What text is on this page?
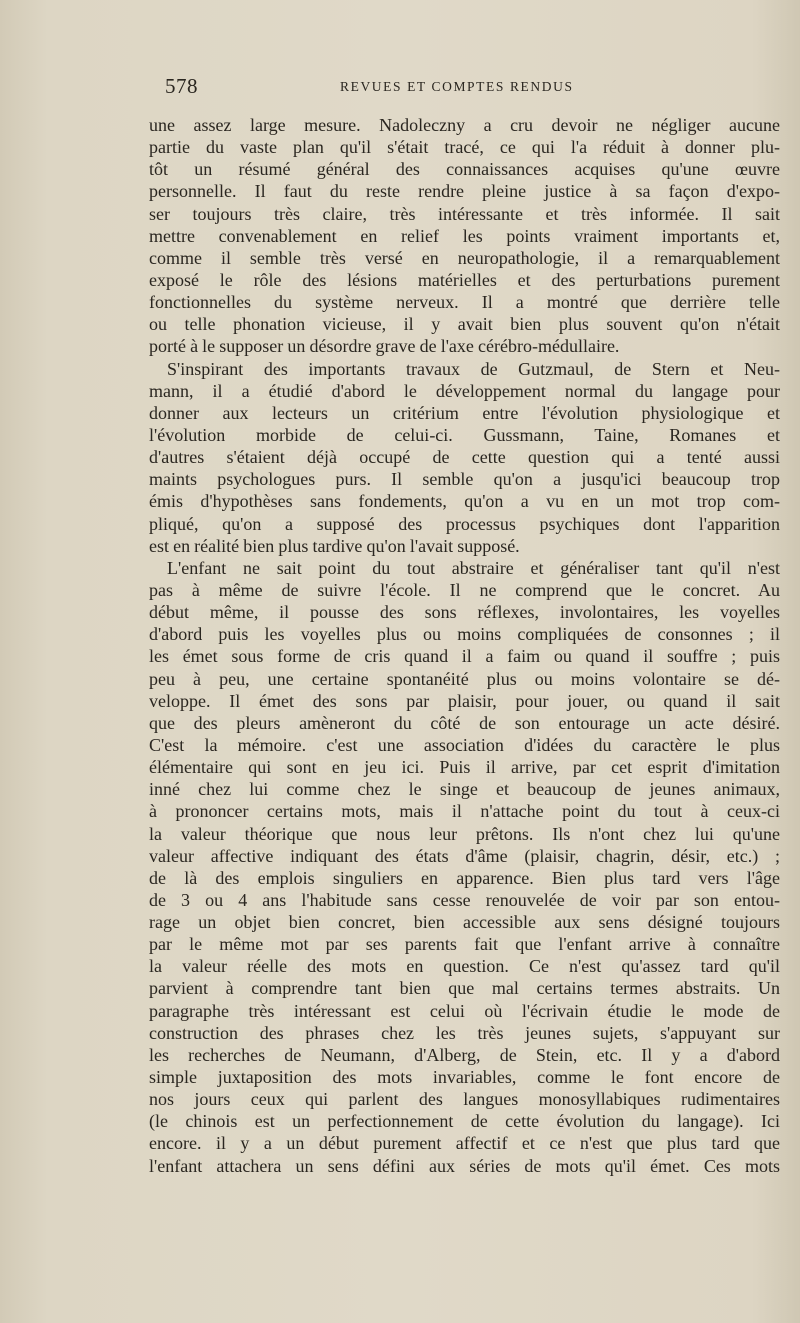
578	REVUES ET COMPTES RENDUS
une assez large mesure. Nadoleczny a cru devoir ne négliger aucune
partie du vaste plan qu'il s'était tracé, ce qui l'a réduit à donner plu-
tôt un résumé général des connaissances acquises qu'une œuvre
personnelle. Il faut du reste rendre pleine justice à sa façon d'expo-
ser toujours très claire, très intéressante et très informée. Il sait
mettre convenablement en relief les points vraiment importants et,
comme il semble très versé en neuropathologie, il a remarquablement
exposé le rôle des lésions matérielles et des perturbations purement
fonctionnelles du système nerveux. Il a montré que derrière telle
ou telle phonation vicieuse, il y avait bien plus souvent qu'on n'était
porté à le supposer un désordre grave de l'axe cérébro-médullaire.
S'inspirant des importants travaux de Gutzmaul, de Stern et Neu-
mann, il a étudié d'abord le développement normal du langage pour
donner aux lecteurs un critérium entre l'évolution physiologique et
l'évolution morbide de celui-ci. Gussmann, Taine, Romanes et
d'autres s'étaient déjà occupé de cette question qui a tenté aussi
maints psychologues purs. Il semble qu'on a jusqu'ici beaucoup trop
émis d'hypothèses sans fondements, qu'on a vu en un mot trop com-
pliqué, qu'on a supposé des processus psychiques dont l'apparition
est en réalité bien plus tardive qu'on l'avait supposé.
L'enfant ne sait point du tout abstraire et généraliser tant qu'il n'est
pas à même de suivre l'école. Il ne comprend que le concret. Au
début même, il pousse des sons réflexes, involontaires, les voyelles
d'abord puis les voyelles plus ou moins compliquées de consonnes ; il
les émet sous forme de cris quand il a faim ou quand il souffre ; puis
peu à peu, une certaine spontanéité plus ou moins volontaire se dé-
veloppe. Il émet des sons par plaisir, pour jouer, ou quand il sait
que des pleurs amèneront du côté de son entourage un acte désiré.
C'est la mémoire. c'est une association d'idées du caractère le plus
élémentaire qui sont en jeu ici. Puis il arrive, par cet esprit d'imitation
inné chez lui comme chez le singe et beaucoup de jeunes animaux,
à prononcer certains mots, mais il n'attache point du tout à ceux-ci
la valeur théorique que nous leur prêtons. Ils n'ont chez lui qu'une
valeur affective indiquant des états d'âme (plaisir, chagrin, désir, etc.) ;
de là des emplois singuliers en apparence. Bien plus tard vers l'âge
de 3 ou 4 ans l'habitude sans cesse renouvelée de voir par son entou-
rage un objet bien concret, bien accessible aux sens désigné toujours
par le même mot par ses parents fait que l'enfant arrive à connaître
la valeur réelle des mots en question. Ce n'est qu'assez tard qu'il
parvient à comprendre tant bien que mal certains termes abstraits. Un
paragraphe très intéressant est celui où l'écrivain étudie le mode de
construction des phrases chez les très jeunes sujets, s'appuyant sur
les recherches de Neumann, d'Alberg, de Stein, etc. Il y a d'abord
simple juxtaposition des mots invariables, comme le font encore de
nos jours ceux qui parlent des langues monosyllabiques rudimentaires
(le chinois est un perfectionnement de cette évolution du langage). Ici
encore. il y a un début purement affectif et ce n'est que plus tard que
l'enfant attachera un sens défini aux séries de mots qu'il émet. Ces mots
